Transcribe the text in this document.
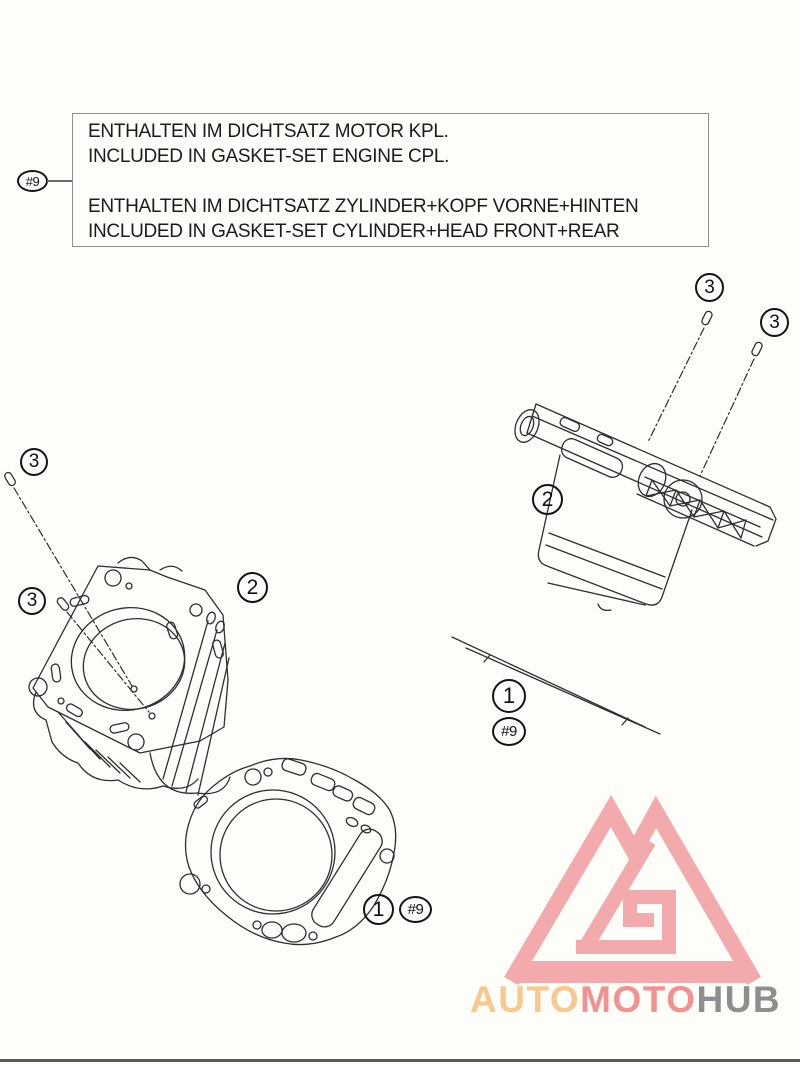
#9
ENTHALTEN IM DICHTSATZ MOTOR KPL.
INCLUDED IN GASKET-SET ENGINE CPL.
ENTHALTEN IM DICHTSATZ ZYLINDER+KOPF VORNE+HINTEN
INCLUDED IN GASKET-SET CYLINDER+HEAD FRONT+REAR
3
3
2
3
3
2
1
#9
1	#9
AUTOMOTOHUB
